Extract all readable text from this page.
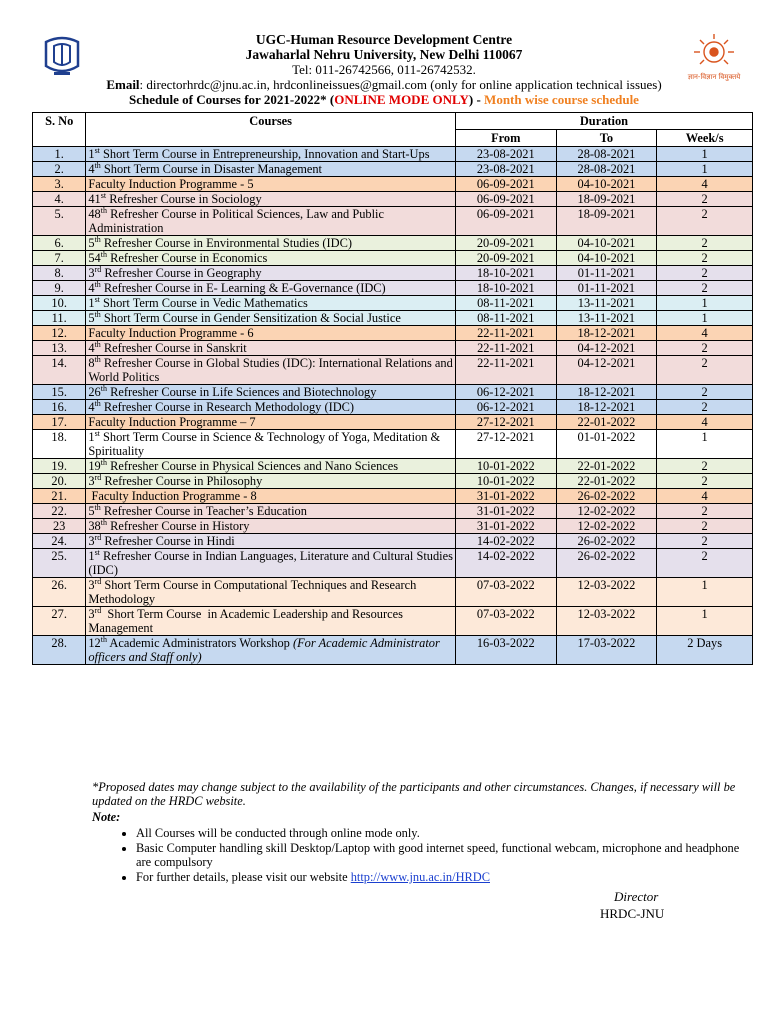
ज्ञान-विज्ञान विमुक्तये
UGC-Human Resource Development Centre
Jawaharlal Nehru University, New Delhi 110067
Tel: 011-26742566, 011-26742532.
Email: directorhrdc@jnu.ac.in, hrdconlineissues@gmail.com (only for online application technical issues)
Schedule of Courses for 2021-2022* (ONLINE MODE ONLY) - Month wise course schedule
S. No	Courses	Duration		
		From	To	Week/s
1.	1st Short Term Course in Entrepreneurship, Innovation and Start-Ups	23-08-2021	28-08-2021	1
2.	4th Short Term Course in Disaster Management	23-08-2021	28-08-2021	1
3.	Faculty Induction Programme - 5	06-09-2021	04-10-2021	4
4.	41st Refresher Course in Sociology	06-09-2021	18-09-2021	2
5.	48th Refresher Course in Political Sciences, Law and Public Administration	06-09-2021	18-09-2021	2
6.	5th Refresher Course in Environmental Studies (IDC)	20-09-2021	04-10-2021	2
7.	54th Refresher Course in Economics	20-09-2021	04-10-2021	2
8.	3rd Refresher Course in Geography	18-10-2021	01-11-2021	2
9.	4th Refresher Course in E- Learning & E-Governance (IDC)	18-10-2021	01-11-2021	2
10.	1st Short Term Course in Vedic Mathematics	08-11-2021	13-11-2021	1
11.	5th Short Term Course in Gender Sensitization & Social Justice	08-11-2021	13-11-2021	1
12.	Faculty Induction Programme - 6	22-11-2021	18-12-2021	4
13.	4th Refresher Course in Sanskrit	22-11-2021	04-12-2021	2
14.	8th Refresher Course in Global Studies (IDC): International Relations and World Politics	22-11-2021	04-12-2021	2
15.	26th Refresher Course in Life Sciences and Biotechnology	06-12-2021	18-12-2021	2
16.	4th Refresher Course in Research Methodology (IDC)	06-12-2021	18-12-2021	2
17.	Faculty Induction Programme – 7	27-12-2021	22-01-2022	4
18.	1st Short Term Course in Science & Technology of Yoga, Meditation & Spirituality	27-12-2021	01-01-2022	1
19.	19th Refresher Course in Physical Sciences and Nano Sciences	10-01-2022	22-01-2022	2
20.	3rd Refresher Course in Philosophy	10-01-2022	22-01-2022	2
21.	Faculty Induction Programme - 8	31-01-2022	26-02-2022	4
22.	5th Refresher Course in Teacher’s Education	31-01-2022	12-02-2022	2
23	38th Refresher Course in History	31-01-2022	12-02-2022	2
24.	3rd Refresher Course in Hindi	14-02-2022	26-02-2022	2
25.	1st Refresher Course in Indian Languages, Literature and Cultural Studies (IDC)	14-02-2022	26-02-2022	2
26.	3rd Short Term Course in Computational Techniques and Research Methodology	07-03-2022	12-03-2022	1
27.	3rd  Short Term Course  in Academic Leadership and Resources Management	07-03-2022	12-03-2022	1
28.	12th Academic Administrators Workshop (For Academic Administrator officers and Staff only)	16-03-2022	17-03-2022	2 Days
*Proposed dates may change subject to the availability of the participants and other circumstances. Changes, if necessary will be updated on the HRDC website.
Note:
• All Courses will be conducted through online mode only.
• Basic Computer handling skill Desktop/Laptop with good internet speed, functional webcam, microphone and headphone are compulsory
• For further details, please visit our website http://www.jnu.ac.in/HRDC
Director
HRDC-JNU
